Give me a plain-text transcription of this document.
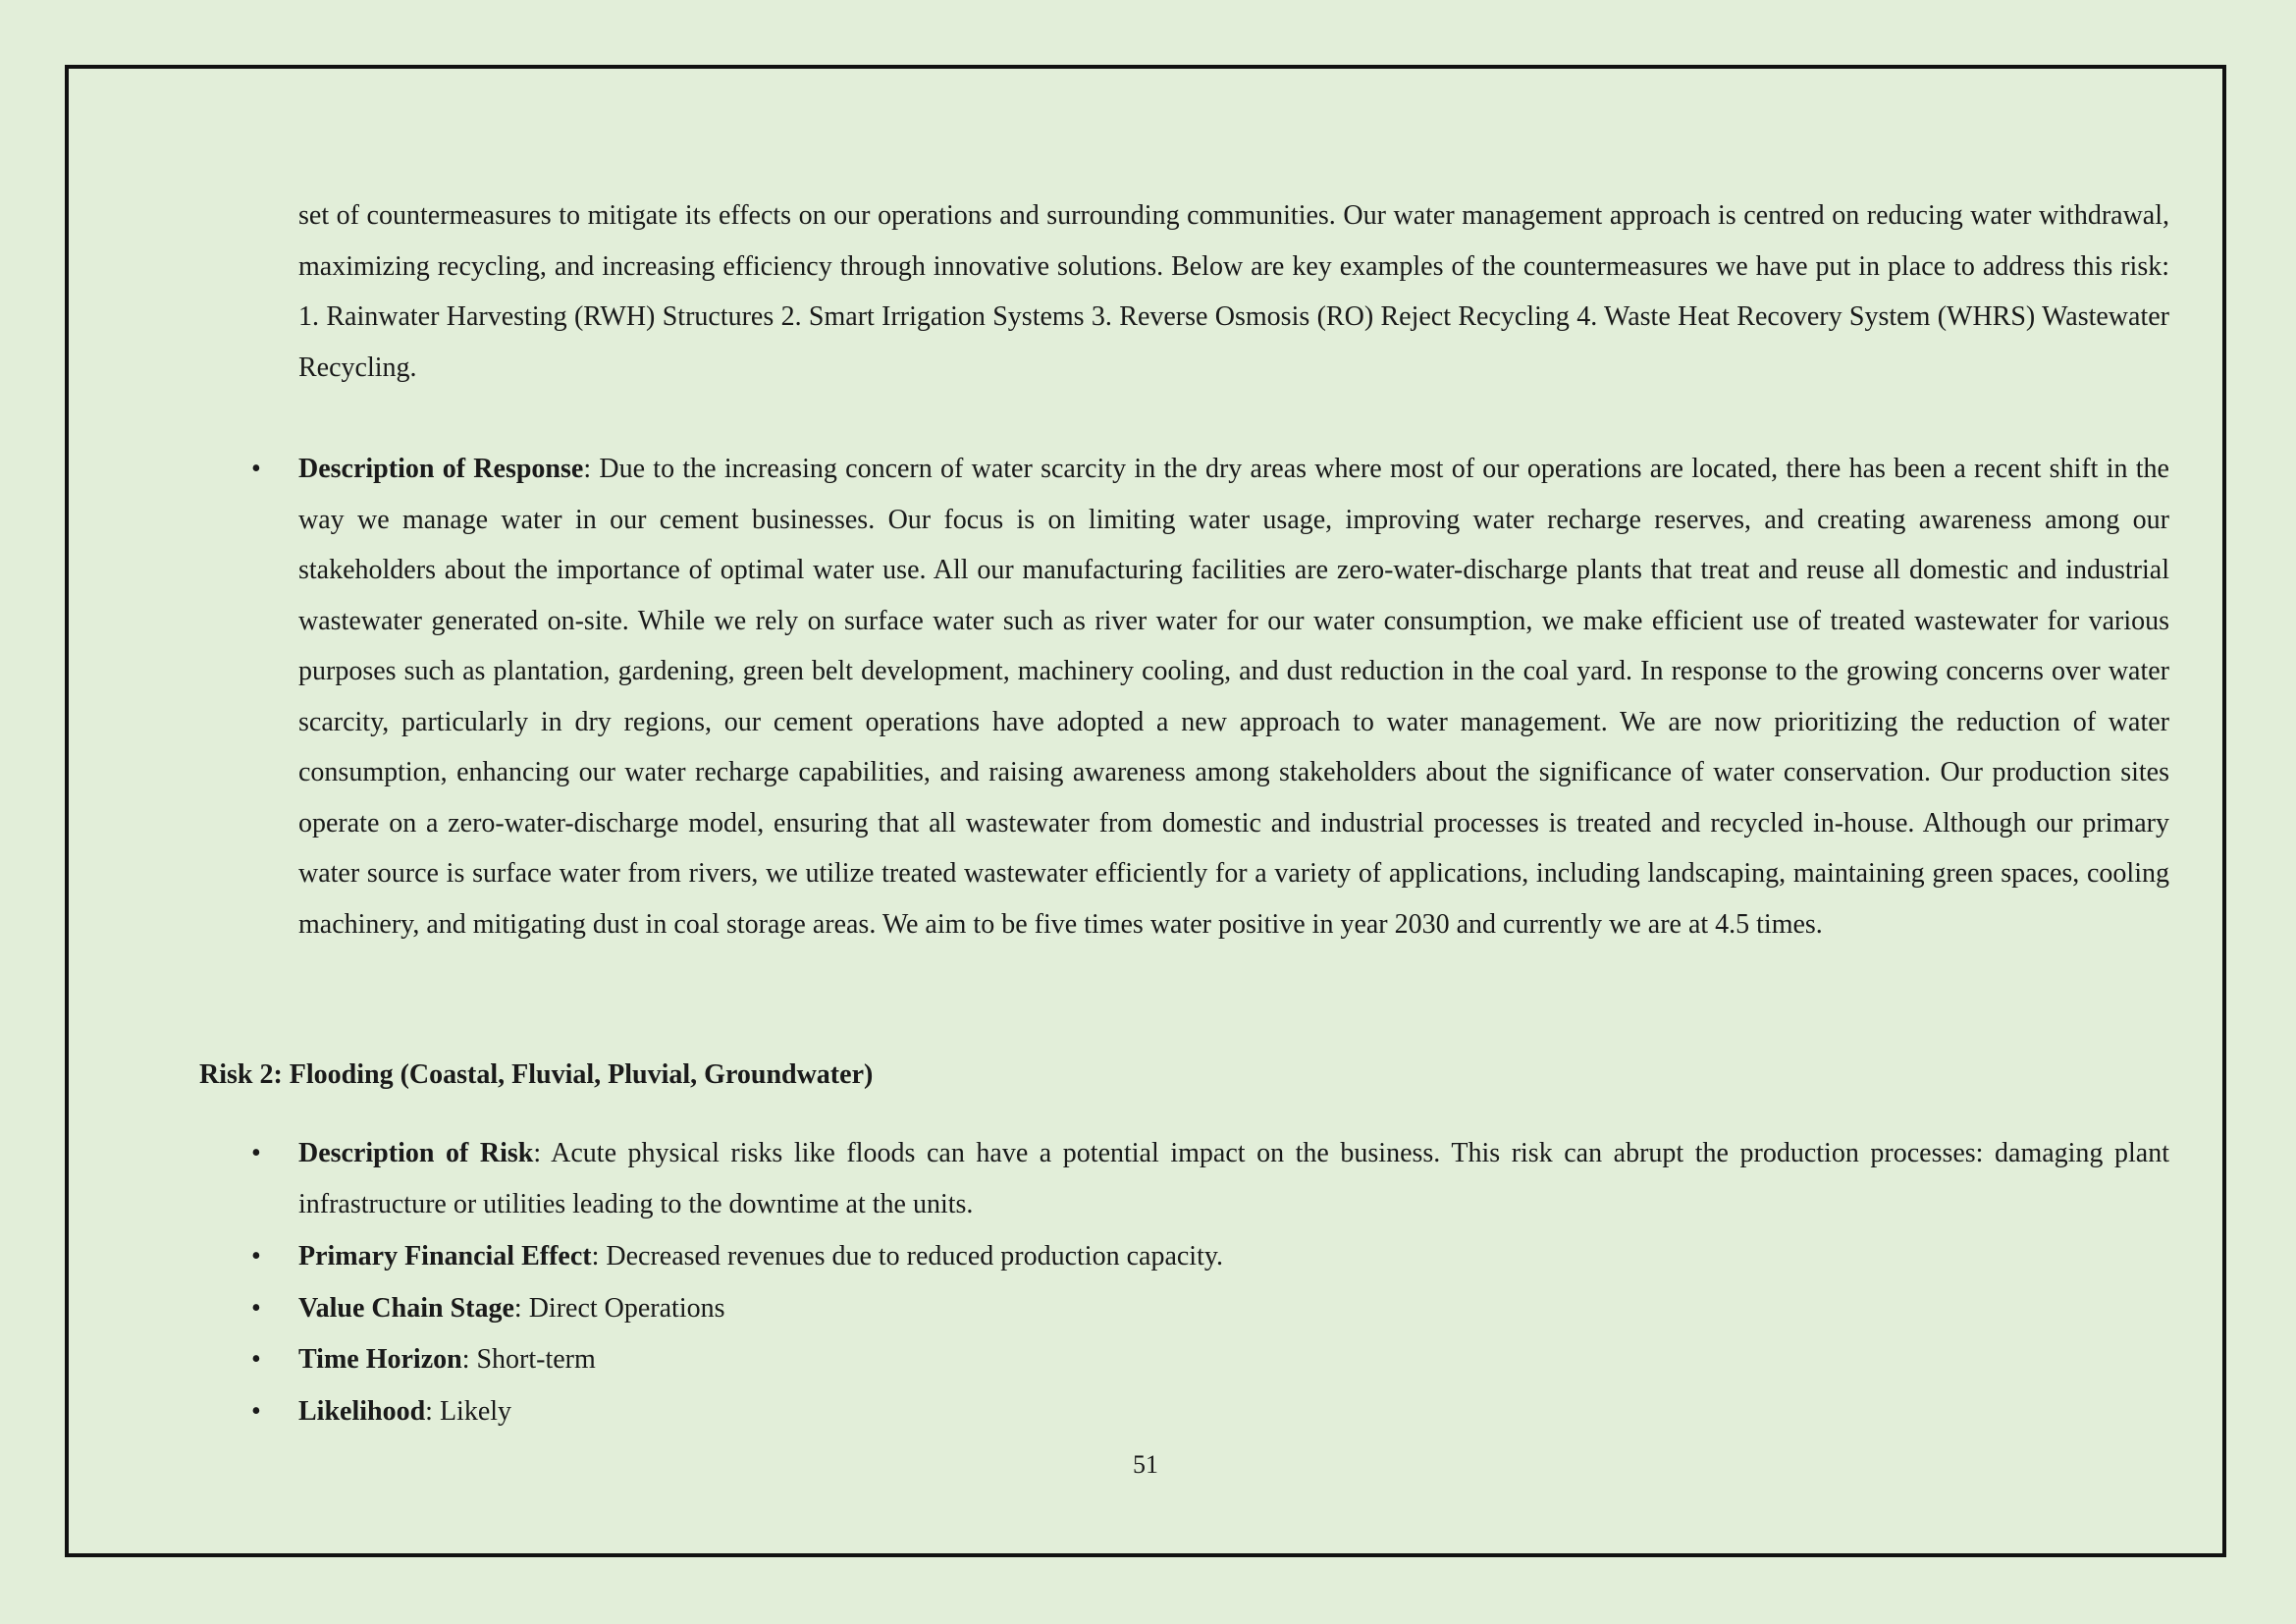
set of countermeasures to mitigate its effects on our operations and surrounding communities. Our water management approach is centred on reducing water withdrawal, maximizing recycling, and increasing efficiency through innovative solutions. Below are key examples of the countermeasures we have put in place to address this risk: 1. Rainwater Harvesting (RWH) Structures 2. Smart Irrigation Systems 3. Reverse Osmosis (RO) Reject Recycling 4. Waste Heat Recovery System (WHRS) Wastewater Recycling.

• Description of Response: Due to the increasing concern of water scarcity in the dry areas where most of our operations are located, there has been a recent shift in the way we manage water in our cement businesses. Our focus is on limiting water usage, improving water recharge reserves, and creating awareness among our stakeholders about the importance of optimal water use. All our manufacturing facilities are zero-water-discharge plants that treat and reuse all domestic and industrial wastewater generated on-site. While we rely on surface water such as river water for our water consumption, we make efficient use of treated wastewater for various purposes such as plantation, gardening, green belt development, machinery cooling, and dust reduction in the coal yard. In response to the growing concerns over water scarcity, particularly in dry regions, our cement operations have adopted a new approach to water management. We are now prioritizing the reduction of water consumption, enhancing our water recharge capabilities, and raising awareness among stakeholders about the significance of water conservation. Our production sites operate on a zero-water-discharge model, ensuring that all wastewater from domestic and industrial processes is treated and recycled in-house. Although our primary water source is surface water from rivers, we utilize treated wastewater efficiently for a variety of applications, including landscaping, maintaining green spaces, cooling machinery, and mitigating dust in coal storage areas. We aim to be five times water positive in year 2030 and currently we are at 4.5 times.

Risk 2: Flooding (Coastal, Fluvial, Pluvial, Groundwater)

• Description of Risk: Acute physical risks like floods can have a potential impact on the business. This risk can abrupt the production processes: damaging plant infrastructure or utilities leading to the downtime at the units.
• Primary Financial Effect: Decreased revenues due to reduced production capacity.
• Value Chain Stage: Direct Operations
• Time Horizon: Short-term
• Likelihood: Likely
51
